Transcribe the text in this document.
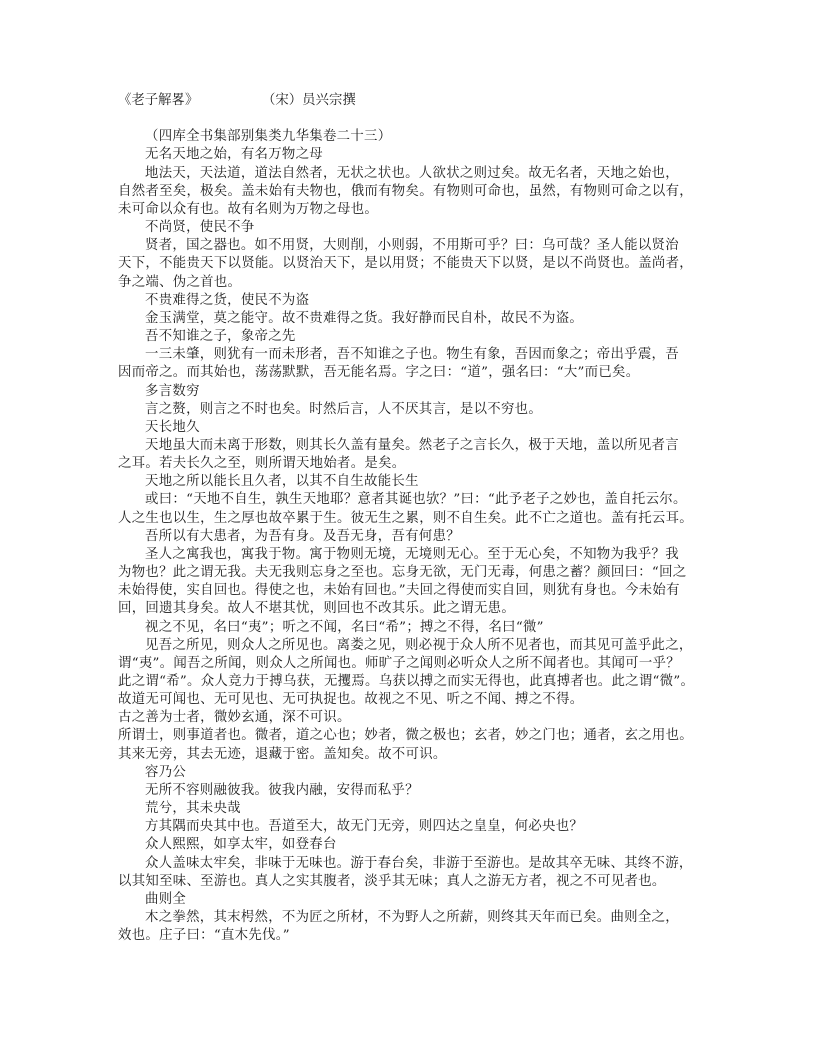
《老子解畧》	（宋）员兴宗撰
（四库全书集部别集类九华集卷二十三）
无名天地之始，有名万物之母
地法天，天法道，道法自然者，无状之状也。人欲状之则过矣。故无名者，天地之始也，
自然者至矣，极矣。盖未始有夫物也，俄而有物矣。有物则可命也，虽然，有物则可命之以有，
未可命以众有也。故有名则为万物之母也。
不尚贤，使民不争
贤者，国之器也。如不用贤，大则削，小则弱，不用斯可乎？曰：乌可哉？圣人能以贤治
天下，不能贵天下以贤能。以贤治天下，是以用贤；不能贵天下以贤，是以不尚贤也。盖尚者，
争之端、伪之首也。
不贵难得之货，使民不为盗
金玉满堂，莫之能守。故不贵难得之货。我好静而民自朴，故民不为盗。
吾不知谁之子，象帝之先
一三未肇，则犹有一而未形者，吾不知谁之子也。物生有象，吾因而象之；帝出乎震，吾
因而帝之。而其始也，荡荡默默，吾无能名焉。字之曰：“道”，强名曰：“大”而已矣。
多言数穷
言之赘，则言之不时也矣。时然后言，人不厌其言，是以不穷也。
天长地久
天地虽大而未离于形数，则其长久盖有量矣。然老子之言长久，极于天地，盖以所见者言
之耳。若夫长久之至，则所谓天地始者。是矣。
天地之所以能长且久者，以其不自生故能长生
或曰：“天地不自生，孰生天地耶？意者其诞也欤？”曰：“此予老子之妙也，盖自托云尔。
人之生也以生，生之厚也故卒累于生。彼无生之累，则不自生矣。此不亡之道也。盖有托云耳。
吾所以有大患者，为吾有身。及吾无身，吾有何患？
圣人之寓我也，寓我于物。寓于物则无境，无境则无心。至于无心矣，不知物为我乎？我
为物也？此之谓无我。夫无我则忘身之至也。忘身无欲，无门无毒，何患之蓄？颜回曰：“回之
未始得使，实自回也。得使之也，未始有回也。”夫回之得使而实自回，则犹有身也。今未始有
回，回遗其身矣。故人不堪其忧，则回也不改其乐。此之谓无患。
视之不见，名曰“夷”；听之不闻，名曰“希”；搏之不得，名曰“微”
见吾之所见，则众人之所见也。离娄之见，则必视于众人所不见者也，而其见可盖乎此之，
谓“夷”。闻吾之所闻，则众人之所闻也。师旷子之闻则必听众人之所不闻者也。其闻可一乎？
此之谓“希”。众人竞力于搏乌获，无攫焉。乌获以搏之而实无得也，此真搏者也。此之谓“微”。
故道无可闻也、无可见也、无可执捉也。故视之不见、听之不闻、搏之不得。
古之善为士者，微妙玄通，深不可识。
所谓士，则事道者也。微者，道之心也；妙者，微之极也；玄者，妙之门也；通者，玄之用也。
其来无旁，其去无迹，退藏于密。盖知矣。故不可识。
容乃公
无所不容则融彼我。彼我内融，安得而私乎？
荒兮，其未央哉
方其隅而央其中也。吾道至大，故无门无旁，则四达之皇皇，何必央也？
众人熙熙，如享太牢，如登春台
众人盖味太牢矣，非味于无味也。游于春台矣，非游于至游也。是故其卒无味、其终不游，
以其知至味、至游也。真人之实其腹者，淡乎其无味；真人之游无方者，视之不可见者也。
曲则全
木之拳然，其末枵然，不为匠之所材，不为野人之所薪，则终其天年而已矣。曲则全之，
效也。庄子曰：“直木先伐。”
